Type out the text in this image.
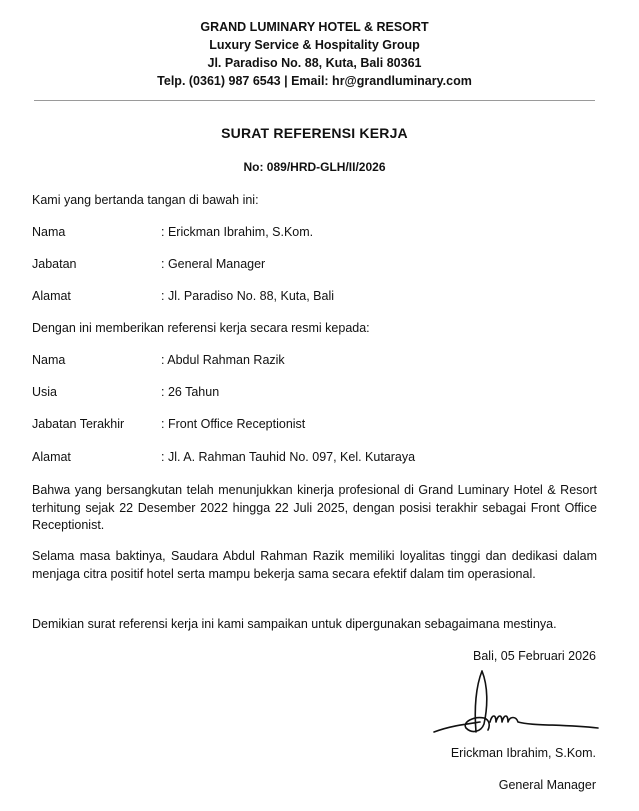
GRAND LUMINARY HOTEL & RESORT
Luxury Service & Hospitality Group
Jl. Paradiso No. 88, Kuta, Bali 80361
Telp. (0361) 987 6543 | Email: hr@grandluminary.com
SURAT REFERENSI KERJA
No: 089/HRD-GLH/II/2026
Kami yang bertanda tangan di bawah ini:
Nama	: Erickman Ibrahim, S.Kom.
Jabatan	: General Manager
Alamat	: Jl. Paradiso No. 88, Kuta, Bali
Dengan ini memberikan referensi kerja secara resmi kepada:
Nama	: Abdul Rahman Razik
Usia	: 26 Tahun
Jabatan Terakhir	: Front Office Receptionist
Alamat	: Jl. A. Rahman Tauhid No. 097, Kel. Kutaraya
Bahwa yang bersangkutan telah menunjukkan kinerja profesional di Grand Luminary Hotel & Resort terhitung sejak 22 Desember 2022 hingga 22 Juli 2025, dengan posisi terakhir sebagai Front Office Receptionist.
Selama masa baktinya, Saudara Abdul Rahman Razik memiliki loyalitas tinggi dan dedikasi dalam menjaga citra positif hotel serta mampu bekerja sama secara efektif dalam tim operasional.
Demikian surat referensi kerja ini kami sampaikan untuk dipergunakan sebagaimana mestinya.
Bali, 05 Februari 2026
Erickman Ibrahim, S.Kom.
General Manager
